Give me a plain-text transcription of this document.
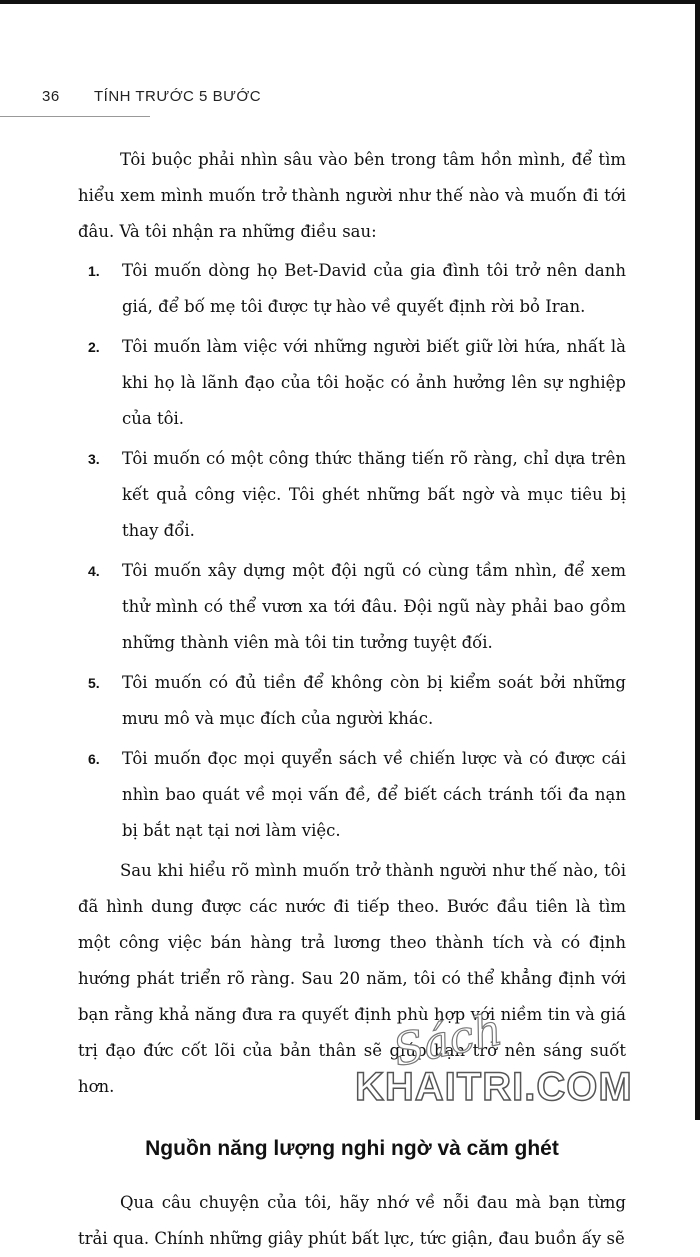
36 TÍNH TRƯỚC 5 BƯỚC

Tôi buộc phải nhìn sâu vào bên trong tâm hồn mình, để tìm hiểu xem mình muốn trở thành người như thế nào và muốn đi tới đâu. Và tôi nhận ra những điều sau:

1. Tôi muốn dòng họ Bet-David của gia đình tôi trở nên danh giá, để bố mẹ tôi được tự hào về quyết định rời bỏ Iran.
2. Tôi muốn làm việc với những người biết giữ lời hứa, nhất là khi họ là lãnh đạo của tôi hoặc có ảnh hưởng lên sự nghiệp của tôi.
3. Tôi muốn có một công thức thăng tiến rõ ràng, chỉ dựa trên kết quả công việc. Tôi ghét những bất ngờ và mục tiêu bị thay đổi.
4. Tôi muốn xây dựng một đội ngũ có cùng tầm nhìn, để xem thử mình có thể vươn xa tới đâu. Đội ngũ này phải bao gồm những thành viên mà tôi tin tưởng tuyệt đối.
5. Tôi muốn có đủ tiền để không còn bị kiểm soát bởi những mưu mô và mục đích của người khác.
6. Tôi muốn đọc mọi quyển sách về chiến lược và có được cái nhìn bao quát về mọi vấn đề, để biết cách tránh tối đa nạn bị bắt nạt tại nơi làm việc.

Sau khi hiểu rõ mình muốn trở thành người như thế nào, tôi đã hình dung được các nước đi tiếp theo. Bước đầu tiên là tìm một công việc bán hàng trả lương theo thành tích và có định hướng phát triển rõ ràng. Sau 20 năm, tôi có thể khẳng định với bạn rằng khả năng đưa ra quyết định phù hợp với niềm tin và giá trị đạo đức cốt lõi của bản thân sẽ giúp bạn trở nên sáng suốt hơn.

Nguồn năng lượng nghi ngờ và căm ghét

Qua câu chuyện của tôi, hãy nhớ về nỗi đau mà bạn từng trải qua. Chính những giây phút bất lực, tức giận, đau buồn ấy sẽ

Sách
KHAITRI.COM
